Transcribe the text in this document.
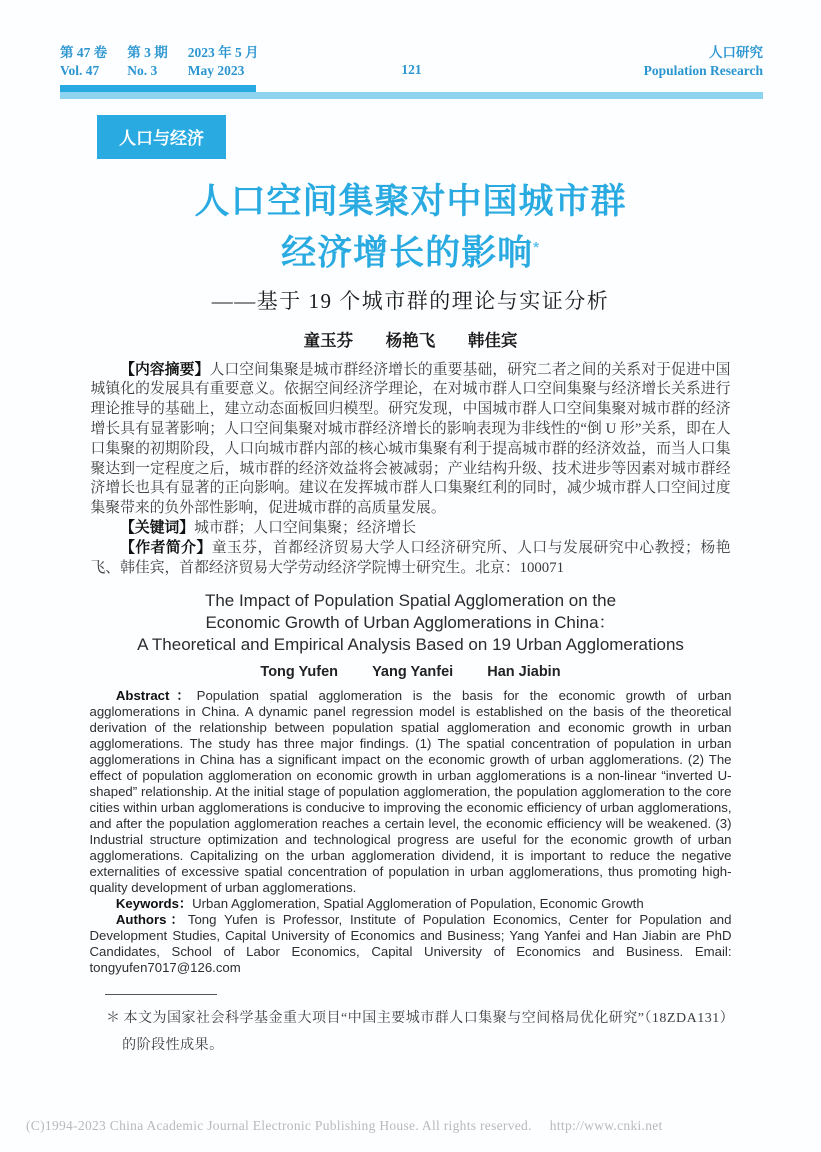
第 47 卷
Vol. 47
第 3 期
No. 3
2023 年 5 月
May 2023	121
人口研究
Population Research
人口与经济
人口空间集聚对中国城市群
经济增长的影响*
——基于 19 个城市群的理论与实证分析
童玉芬 杨艳飞 韩佳宾

【内容摘要】人口空间集聚是城市群经济增长的重要基础，研究二者之间的关系对于促进中国城镇化的发展具有重要意义。依据空间经济学理论，在对城市群人口空间集聚与经济增长关系进行理论推导的基础上，建立动态面板回归模型。研究发现，中国城市群人口空间集聚对城市群的经济增长具有显著影响；人口空间集聚对城市群经济增长的影响表现为非线性的“倒 U 形”关系，即在人口集聚的初期阶段，人口向城市群内部的核心城市集聚有利于提高城市群的经济效益，而当人口集聚达到一定程度之后，城市群的经济效益将会被减弱；产业结构升级、技术进步等因素对城市群经济增长也具有显著的正向影响。建议在发挥城市群人口集聚红利的同时，减少城市群人口空间过度集聚带来的负外部性影响，促进城市群的高质量发展。

【关键词】城市群；人口空间集聚；经济增长

【作者简介】童玉芬，首都经济贸易大学人口经济研究所、人口与发展研究中心教授；杨艳飞、韩佳宾，首都经济贸易大学劳动经济学院博士研究生。北京：100071

The Impact of Population Spatial Agglomeration on the
Economic Growth of Urban Agglomerations in China：
A Theoretical and Empirical Analysis Based on 19 Urban Agglomerations
Tong Yufen Yang Yanfei Han Jiabin

Abstract：Population spatial agglomeration is the basis for the economic growth of urban agglomerations in China. A dynamic panel regression model is established on the basis of the theoretical derivation of the relationship between population spatial agglomeration and economic growth in urban agglomerations. The study has three major findings. (1) The spatial concentration of population in urban agglomerations in China has a significant impact on the economic growth of urban agglomerations. (2) The effect of population agglomeration on economic growth in urban agglomerations is a non-linear “inverted U-shaped” relationship. At the initial stage of population agglomeration, the population agglomeration to the core cities within urban agglomerations is conducive to improving the economic efficiency of urban agglomerations, and after the population agglomeration reaches a certain level, the economic efficiency will be weakened. (3) Industrial structure optimization and technological progress are useful for the economic growth of urban agglomerations. Capitalizing on the urban agglomeration dividend, it is important to reduce the negative externalities of excessive spatial concentration of population in urban agglomerations, thus promoting high-quality development of urban agglomerations.

Keywords：Urban Agglomeration, Spatial Agglomeration of Population, Economic Growth

Authors：Tong Yufen is Professor, Institute of Population Economics, Center for Population and Development Studies, Capital University of Economics and Business; Yang Yanfei and Han Jiabin are PhD Candidates, School of Labor Economics, Capital University of Economics and Business. Email: tongyufen7017@126.com

＊ 本文为国家社会科学基金重大项目“中国主要城市群人口集聚与空间格局优化研究”（18ZDA131）的阶段性成果。
(C)1994-2023 China Academic Journal Electronic Publishing House. All rights reserved. http://www.cnki.net
